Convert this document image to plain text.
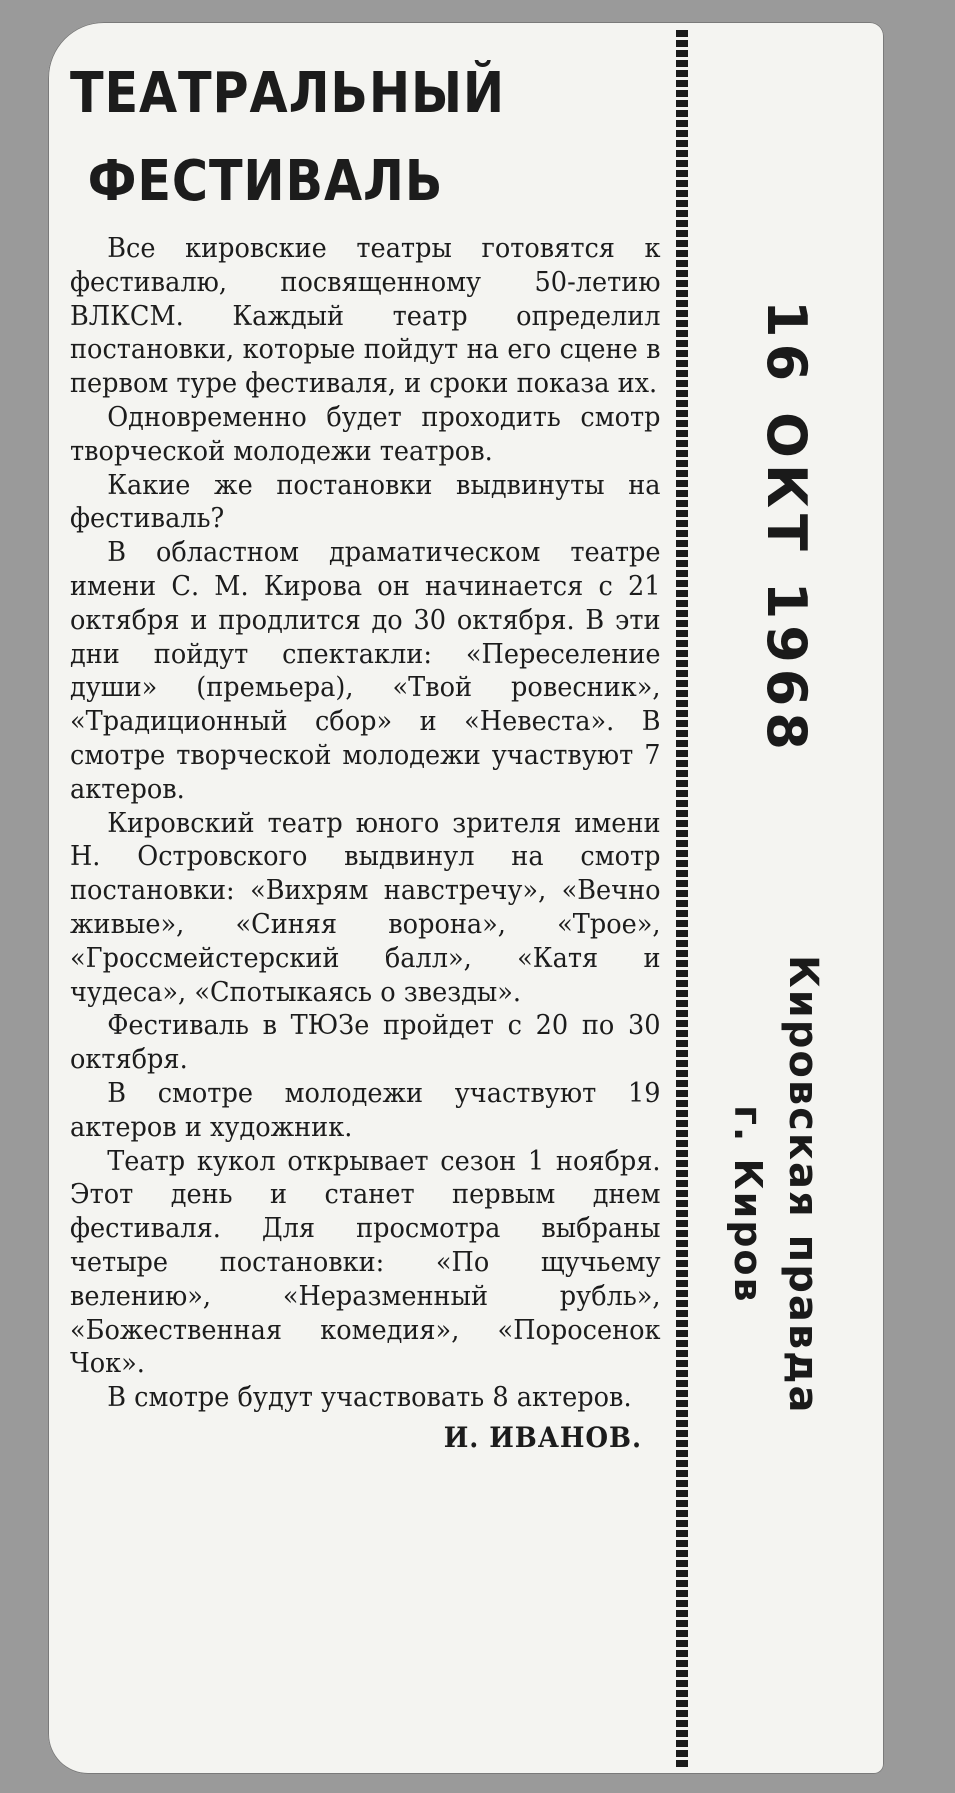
ТЕАТРАЛЬНЫЙ
ФЕСТИВАЛЬ

Все кировские театры готовятся к фестивалю, посвященному 50-летию ВЛКСМ. Каждый театр определил постановки, которые пойдут на его сцене в первом туре фестиваля, и сроки показа их.

Одновременно будет проходить смотр творческой молодежи театров.

Какие же постановки выдвинуты на фестиваль?

В областном драматическом театре имени С. М. Кирова он начинается с 21 октября и продлится до 30 октября. В эти дни пойдут спектакли: «Переселение души» (премьера), «Твой ровесник», «Традиционный сбор» и «Невеста». В смотре творческой молодежи участвуют 7 актеров.

Кировский театр юного зрителя имени Н. Островского выдвинул на смотр постановки: «Вихрям навстречу», «Вечно живые», «Синяя ворона», «Трое», «Гроссмейстерский балл», «Катя и чудеса», «Спотыкаясь о звезды».

Фестиваль в ТЮЗе пройдет с 20 по 30 октября.

В смотре молодежи участвуют 19 актеров и художник.

Театр кукол открывает сезон 1 ноября. Этот день и станет первым днем фестиваля. Для просмотра выбраны четыре постановки: «По щучьему велению», «Неразменный рубль», «Божественная комедия», «Поросенок Чок».

В смотре будут участвовать 8 актеров.

И. ИВАНОВ.
16 ОКТ 1968
Кировская правда
г. Киров
